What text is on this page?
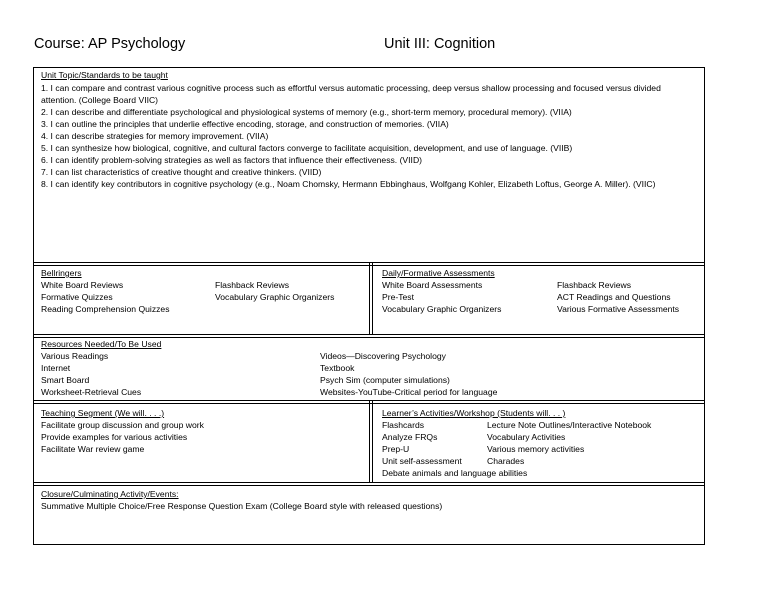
Course: AP Psychology	Unit III: Cognition
Unit Topic/Standards to be taught
1. I can compare and contrast various cognitive process such as effortful versus automatic processing, deep versus shallow processing and focused versus divided
attention. (College Board VIIC)
2. I can describe and differentiate psychological and physiological systems of memory (e.g., short-term memory, procedural memory). (VIIA)
3. I can outline the principles that underlie effective encoding, storage, and construction of memories. (VIIA)
4. I can describe strategies for memory improvement. (VIIA)
5. I can synthesize how biological, cognitive, and cultural factors converge to facilitate acquisition, development, and use of language. (VIIB)
6. I can identify problem-solving strategies as well as factors that influence their effectiveness. (VIID)
7. I can list characteristics of creative thought and creative thinkers. (VIID)
8. I can identify key contributors in cognitive psychology (e.g., Noam Chomsky, Hermann Ebbinghaus, Wolfgang Kohler, Elizabeth Loftus, George A. Miller). (VIIC)
Bellringers
White Board Reviews
Formative Quizzes
Reading Comprehension Quizzes
Flashback Reviews
Vocabulary Graphic Organizers
Daily/Formative Assessments
White Board Assessments
Pre-Test
Vocabulary Graphic Organizers
Flashback Reviews
ACT Readings and Questions
Various Formative Assessments
Resources Needed/To Be Used
Various Readings
Internet
Smart Board
Worksheet-Retrieval Cues
Videos—Discovering Psychology
Textbook
Psych Sim (computer simulations)
Websites-YouTube-Critical period for language
Teaching Segment (We will. . . .)
Facilitate group discussion and group work
Provide examples for various activities
Facilitate War review game
Learner’s Activities/Workshop (Students will. . . )
Flashcards
Analyze FRQs
Prep-U
Unit self-assessment
Lecture Note Outlines/Interactive Notebook
Vocabulary Activities
Various memory activities
Charades
Debate animals and language abilities
Closure/Culminating Activity/Events:
Summative Multiple Choice/Free Response Question Exam (College Board style with released questions)
